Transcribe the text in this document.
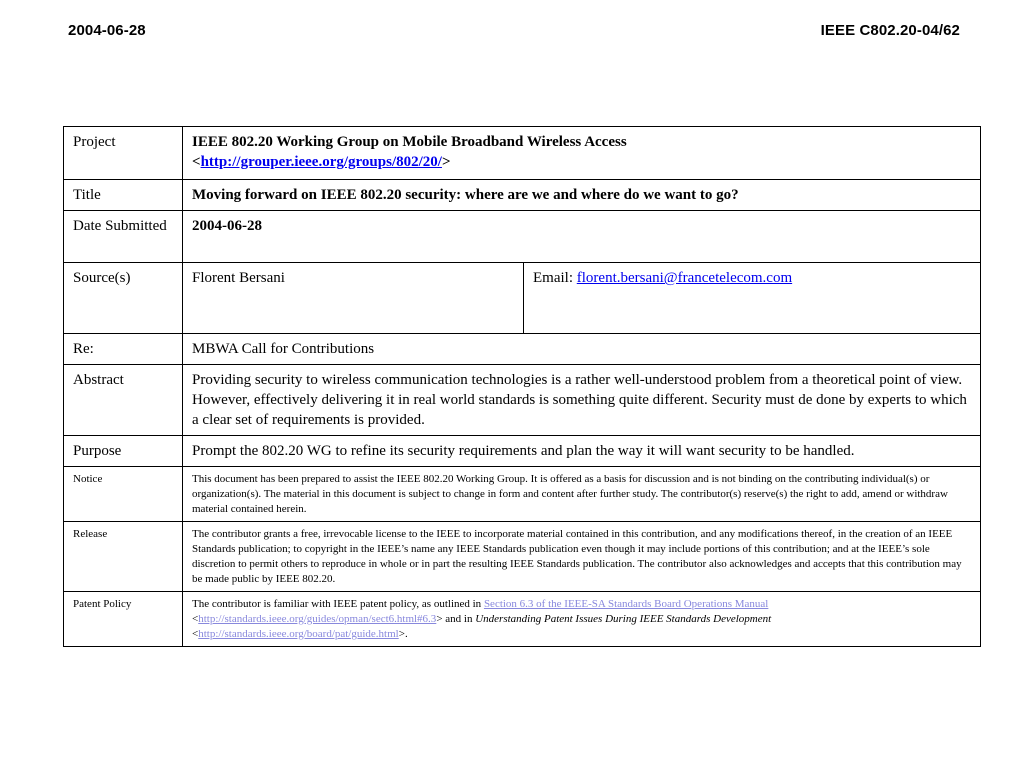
2004-06-28	IEEE C802.20-04/62
Project	IEEE 802.20 Working Group on Mobile Broadband Wireless Access
<http://grouper.ieee.org/groups/802/20/>	
Title	Moving forward on IEEE 802.20 security: where are we and where do we want to go?	
Date Submitted	2004-06-28	
Source(s)	Florent Bersani	Email: florent.bersani@francetelecom.com
Re:	MBWA Call for Contributions	
Abstract	Providing security to wireless communication technologies is a rather well-understood problem from a theoretical point of view. However, effectively delivering it in real world standards is something quite different. Security must de done by experts to which a clear set of requirements is provided.	
Purpose	Prompt the 802.20 WG to refine its security requirements and plan the way it will want security to be handled.	
Notice	This document has been prepared to assist the IEEE 802.20 Working Group. It is offered as a basis for discussion and is not binding on the contributing individual(s) or organization(s). The material in this document is subject to change in form and content after further study. The contributor(s) reserve(s) the right to add, amend or withdraw material contained herein.	
Release	The contributor grants a free, irrevocable license to the IEEE to incorporate material contained in this contribution, and any modifications thereof, in the creation of an IEEE Standards publication; to copyright in the IEEE’s name any IEEE Standards publication even though it may include portions of this contribution; and at the IEEE’s sole discretion to permit others to reproduce in whole or in part the resulting IEEE Standards publication. The contributor also acknowledges and accepts that this contribution may be made public by IEEE 802.20.	
Patent Policy	The contributor is familiar with IEEE patent policy, as outlined in Section 6.3 of the IEEE-SA Standards Board Operations Manual
<http://standards.ieee.org/guides/opman/sect6.html#6.3> and in Understanding Patent Issues During IEEE Standards Development
<http://standards.ieee.org/board/pat/guide.html>.	
